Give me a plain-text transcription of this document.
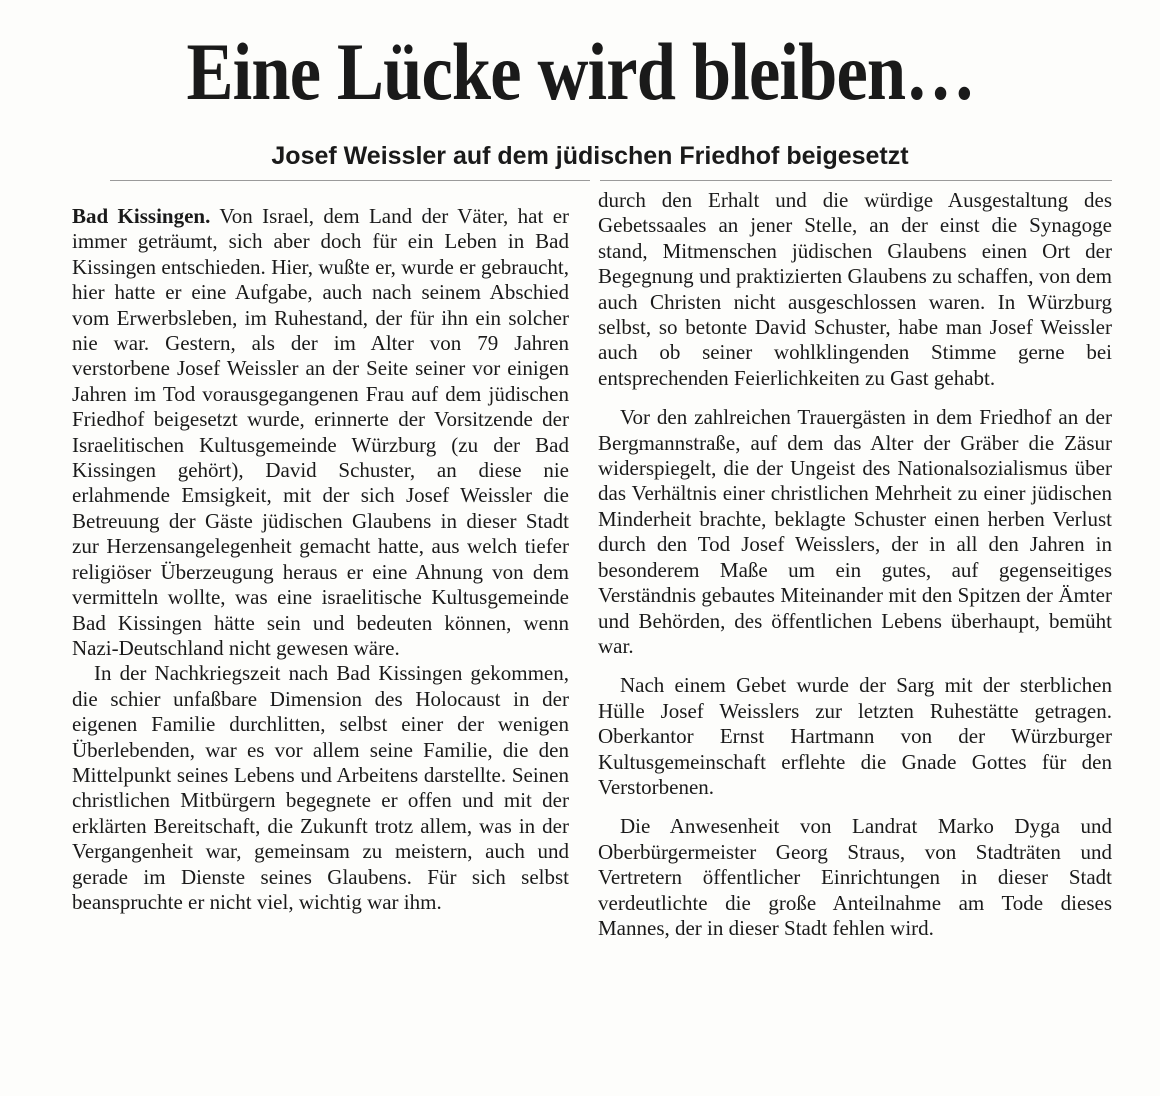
Eine Lücke wird bleiben…
Josef Weissler auf dem jüdischen Friedhof beigesetzt

Bad Kissingen. Von Israel, dem Land der Väter, hat er immer geträumt, sich aber doch für ein Leben in Bad Kissingen entschieden. Hier, wußte er, wurde er gebraucht, hier hatte er eine Aufgabe, auch nach seinem Abschied vom Erwerbsleben, im Ruhestand, der für ihn ein solcher nie war. Gestern, als der im Alter von 79 Jahren verstorbene Josef Weissler an der Seite seiner vor einigen Jahren im Tod vorausgegangenen Frau auf dem jüdischen Friedhof beigesetzt wurde, erinnerte der Vorsitzende der Israelitischen Kultusgemeinde Würzburg (zu der Bad Kissingen gehört), David Schuster, an diese nie erlahmende Emsigkeit, mit der sich Josef Weissler die Betreuung der Gäste jüdischen Glaubens in dieser Stadt zur Herzensangelegenheit gemacht hatte, aus welch tiefer religiöser Überzeugung heraus er eine Ahnung von dem vermitteln wollte, was eine israelitische Kultusgemeinde Bad Kissingen hätte sein und bedeuten können, wenn Nazi-Deutschland nicht gewesen wäre.

In der Nachkriegszeit nach Bad Kissingen gekommen, die schier unfaßbare Dimension des Holocaust in der eigenen Familie durchlitten, selbst einer der wenigen Überlebenden, war es vor allem seine Familie, die den Mittelpunkt seines Lebens und Arbeitens darstellte. Seinen christlichen Mitbürgern begegnete er offen und mit der erklärten Bereitschaft, die Zukunft trotz allem, was in der Vergangenheit war, gemeinsam zu meistern, auch und gerade im Dienste seines Glaubens. Für sich selbst beanspruchte er nicht viel, wichtig war ihm.

durch den Erhalt und die würdige Ausgestaltung des Gebetssaales an jener Stelle, an der einst die Synagoge stand, Mitmenschen jüdischen Glaubens einen Ort der Begegnung und praktizierten Glaubens zu schaffen, von dem auch Christen nicht ausgeschlossen waren. In Würzburg selbst, so betonte David Schuster, habe man Josef Weissler auch ob seiner wohlklingenden Stimme gerne bei entsprechenden Feierlichkeiten zu Gast gehabt.

Vor den zahlreichen Trauergästen in dem Friedhof an der Bergmannstraße, auf dem das Alter der Gräber die Zäsur widerspiegelt, die der Ungeist des Nationalsozialismus über das Verhältnis einer christlichen Mehrheit zu einer jüdischen Minderheit brachte, beklagte Schuster einen herben Verlust durch den Tod Josef Weisslers, der in all den Jahren in besonderem Maße um ein gutes, auf gegenseitiges Verständnis gebautes Miteinander mit den Spitzen der Ämter und Behörden, des öffentlichen Lebens überhaupt, bemüht war.

Nach einem Gebet wurde der Sarg mit der sterblichen Hülle Josef Weisslers zur letzten Ruhestätte getragen. Oberkantor Ernst Hartmann von der Würzburger Kultusgemeinschaft erflehte die Gnade Gottes für den Verstorbenen.

Die Anwesenheit von Landrat Marko Dyga und Oberbürgermeister Georg Straus, von Stadträten und Vertretern öffentlicher Einrichtungen in dieser Stadt verdeutlichte die große Anteilnahme am Tode dieses Mannes, der in dieser Stadt fehlen wird.
